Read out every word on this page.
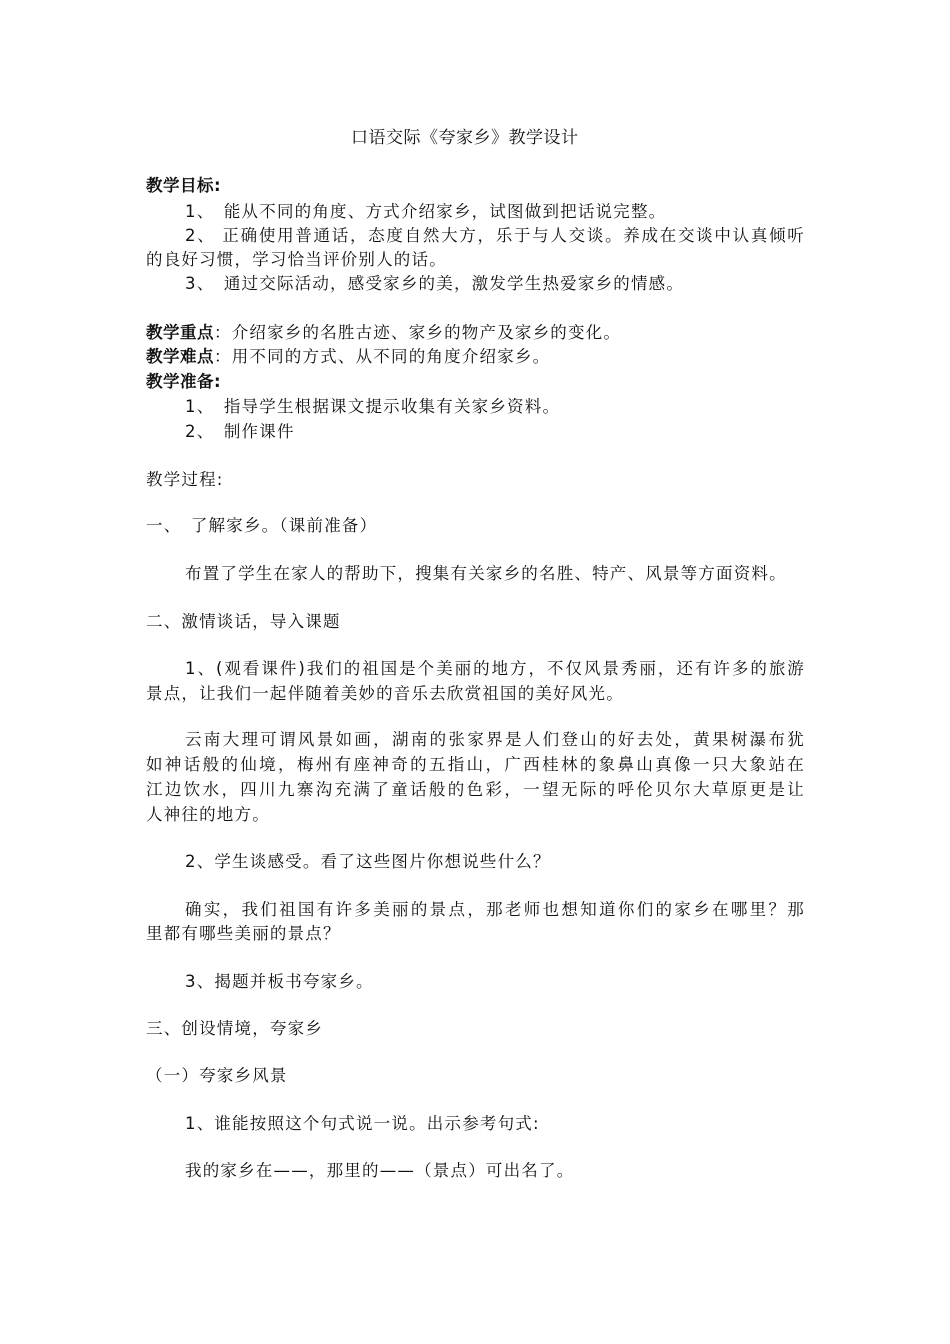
口语交际《夸家乡》教学设计
教学目标:
1、　能从不同的角度、方式介绍家乡，试图做到把话说完整。
2、 正确使用普通话，态度自然大方，乐于与人交谈。养成在交谈中认真倾听
的良好习惯，学习恰当评价别人的话。
3、　通过交际活动，感受家乡的美，激发学生热爱家乡的情感。
教学重点：介绍家乡的名胜古迹、家乡的物产及家乡的变化。
教学难点：用不同的方式、从不同的角度介绍家乡。
教学准备:
1、　指导学生根据课文提示收集有关家乡资料。
2、　制作课件
教学过程:
一、　了解家乡。（课前准备）
布置了学生在家人的帮助下，搜集有关家乡的名胜、特产、风景等方面资料。
二、激情谈话，导入课题
1、(观看课件)我们的祖国是个美丽的地方，不仅风景秀丽，还有许多的旅游
景点，让我们一起伴随着美妙的音乐去欣赏祖国的美好风光。
云南大理可谓风景如画，湖南的张家界是人们登山的好去处，黄果树瀑布犹
如神话般的仙境，梅州有座神奇的五指山，广西桂林的象鼻山真像一只大象站在
江边饮水，四川九寨沟充满了童话般的色彩，一望无际的呼伦贝尔大草原更是让
人神往的地方。
2、学生谈感受。看了这些图片你想说些什么？
确实，我们祖国有许多美丽的景点，那老师也想知道你们的家乡在哪里？那
里都有哪些美丽的景点？
3、揭题并板书夸家乡。
三、创设情境，夸家乡
（一）夸家乡风景
1、谁能按照这个句式说一说。出示参考句式:
我的家乡在——，那里的——（景点）可出名了。
